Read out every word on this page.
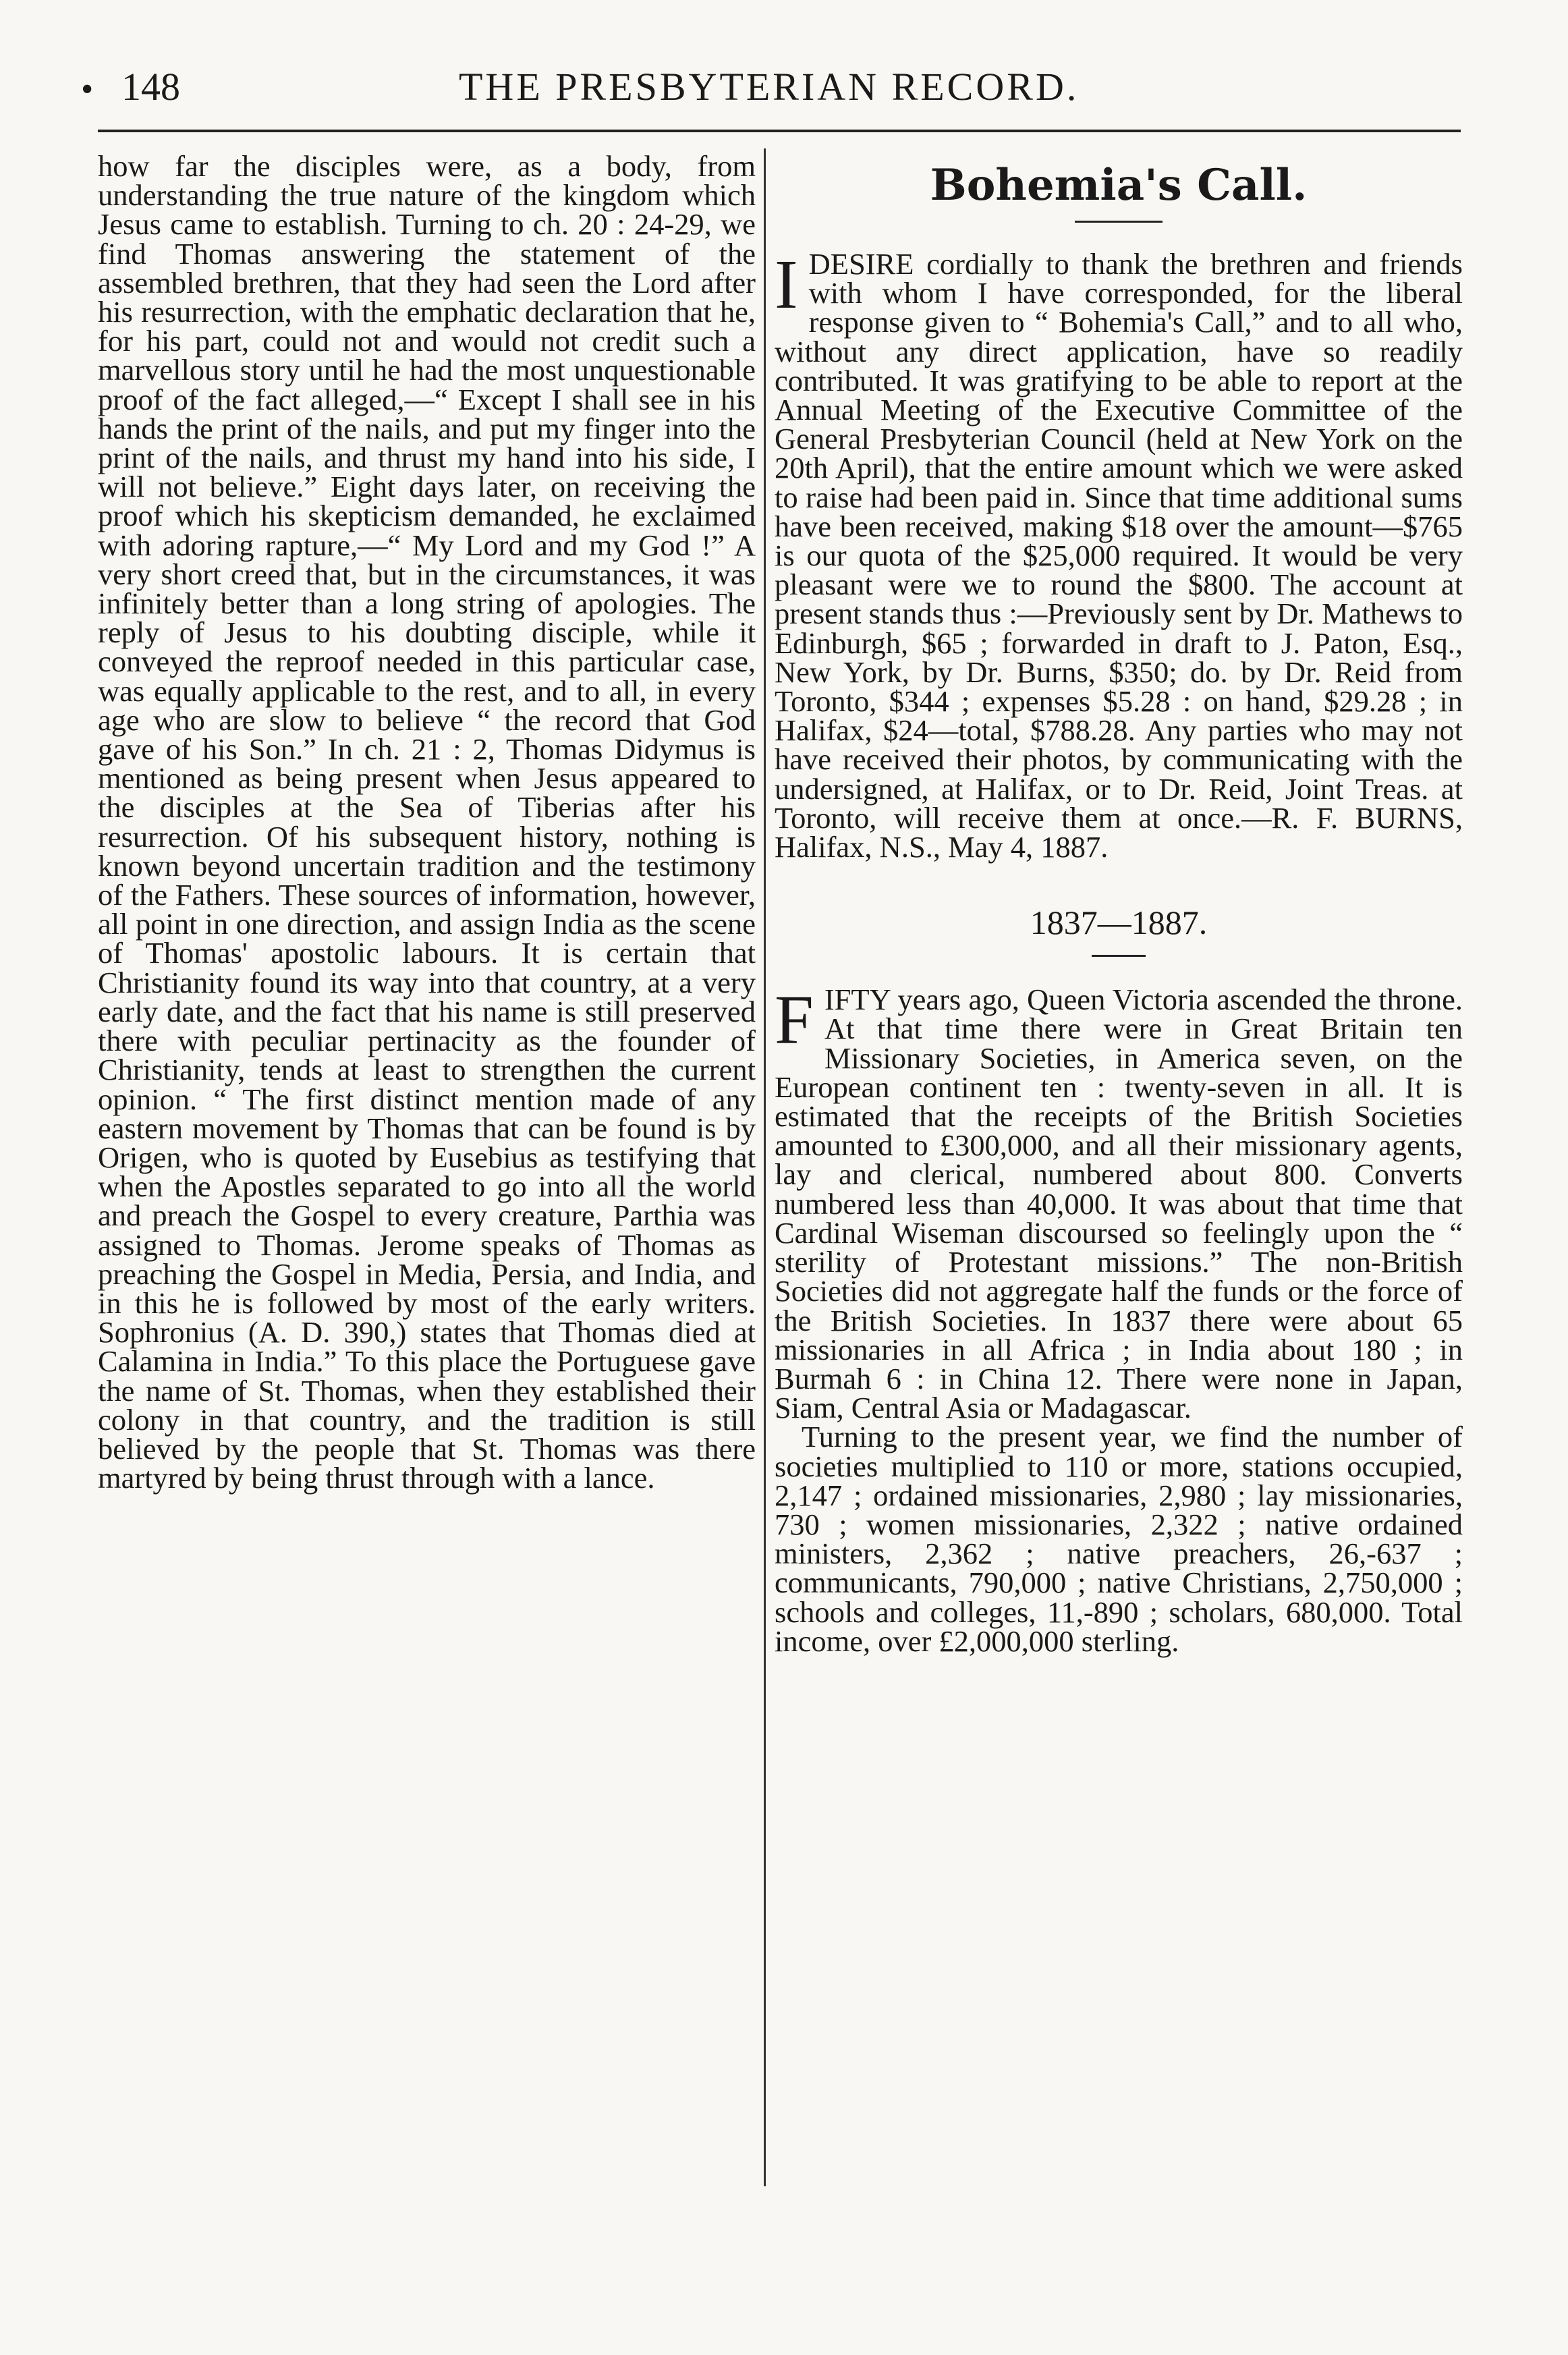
• 148	THE PRESBYTERIAN RECORD.

how far the disciples were, as a body, from understanding the true nature of the kingdom which Jesus came to establish. Turning to ch. 20 : 24-29, we find Thomas answering the statement of the assembled brethren, that they had seen the Lord after his resurrection, with the emphatic declaration that he, for his part, could not and would not credit such a marvellous story until he had the most unquestionable proof of the fact alleged,—“ Except I shall see in his hands the print of the nails, and put my finger into the print of the nails, and thrust my hand into his side, I will not believe.” Eight days later, on receiving the proof which his skepticism demanded, he exclaimed with adoring rapture,—“ My Lord and my God !” A very short creed that, but in the circumstances, it was infinitely better than a long string of apologies. The reply of Jesus to his doubting disciple, while it conveyed the reproof needed in this particular case, was equally applicable to the rest, and to all, in every age who are slow to believe “ the record that God gave of his Son.” In ch. 21 : 2, Thomas Didymus is mentioned as being present when Jesus appeared to the disciples at the Sea of Tiberias after his resurrection. Of his subsequent history, nothing is known beyond uncertain tradition and the testimony of the Fathers. These sources of information, however, all point in one direction, and assign India as the scene of Thomas' apostolic labours. It is certain that Christianity found its way into that country, at a very early date, and the fact that his name is still preserved there with peculiar pertinacity as the founder of Christianity, tends at least to strengthen the current opinion. “ The first distinct mention made of any eastern movement by Thomas that can be found is by Origen, who is quoted by Eusebius as testifying that when the Apostles separated to go into all the world and preach the Gospel to every creature, Parthia was assigned to Thomas. Jerome speaks of Thomas as preaching the Gospel in Media, Persia, and India, and in this he is followed by most of the early writers. Sophronius (A. D. 390,) states that Thomas died at Calamina in India.” To this place the Portuguese gave the name of St. Thomas, when they established their colony in that country, and the tradition is still believed by the people that St. Thomas was there martyred by being thrust through with a lance.

Bohemia's Call.

I DESIRE cordially to thank the brethren and friends with whom I have corresponded, for the liberal response given to “ Bohemia's Call,” and to all who, without any direct application, have so readily contributed. It was gratifying to be able to report at the Annual Meeting of the Executive Committee of the General Presbyterian Council (held at New York on the 20th April), that the entire amount which we were asked to raise had been paid in. Since that time additional sums have been received, making $18 over the amount—$765 is our quota of the $25,000 required. It would be very pleasant were we to round the $800. The account at present stands thus :—Previously sent by Dr. Mathews to Edinburgh, $65 ; forwarded in draft to J. Paton, Esq., New York, by Dr. Burns, $350; do. by Dr. Reid from Toronto, $344 ; expenses $5.28 : on hand, $29.28 ; in Halifax, $24—total, $788.28. Any parties who may not have received their photos, by communicating with the undersigned, at Halifax, or to Dr. Reid, Joint Treas. at Toronto, will receive them at once.—R. F. BURNS, Halifax, N.S., May 4, 1887.

1837—1887.

FIFTY years ago, Queen Victoria ascended the throne. At that time there were in Great Britain ten Missionary Societies, in America seven, on the European continent ten : twenty-seven in all. It is estimated that the receipts of the British Societies amounted to £300,000, and all their missionary agents, lay and clerical, numbered about 800. Converts numbered less than 40,000. It was about that time that Cardinal Wiseman discoursed so feelingly upon the “ sterility of Protestant missions.” The non-British Societies did not aggregate half the funds or the force of the British Societies. In 1837 there were about 65 missionaries in all Africa ; in India about 180 ; in Burmah 6 : in China 12. There were none in Japan, Siam, Central Asia or Madagascar.

Turning to the present year, we find the number of societies multiplied to 110 or more, stations occupied, 2,147 ; ordained missionaries, 2,980 ; lay missionaries, 730 ; women missionaries, 2,322 ; native ordained ministers, 2,362 ; native preachers, 26,-637 ; communicants, 790,000 ; native Christians, 2,750,000 ; schools and colleges, 11,-890 ; scholars, 680,000. Total income, over £2,000,000 sterling.
